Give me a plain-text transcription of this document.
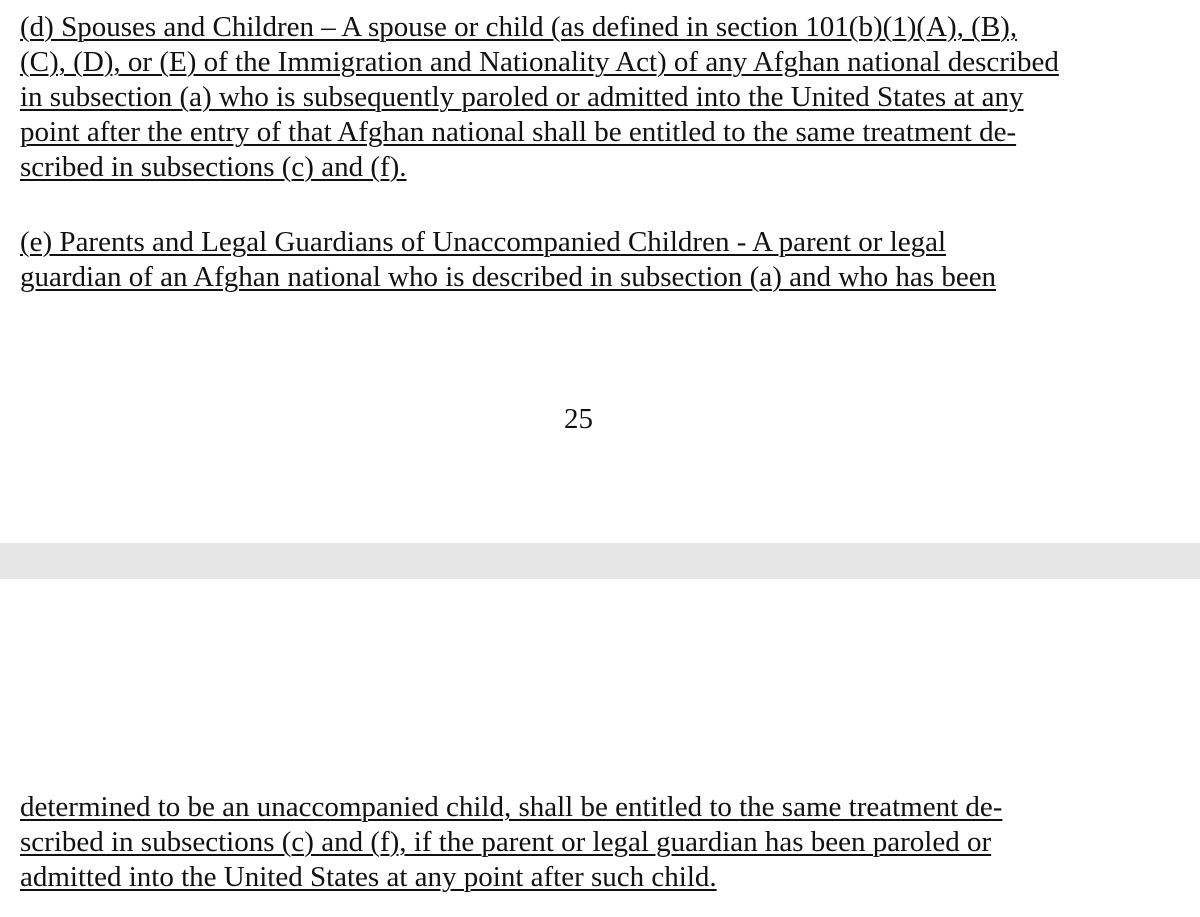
(d) Spouses and Children – A spouse or child (as defined in section 101(b)(1)(A), (B),
(C), (D), or (E) of the Immigration and Nationality Act) of any Afghan national described
in subsection (a) who is subsequently paroled or admitted into the United States at any
point after the entry of that Afghan national shall be entitled to the same treatment de-
scribed in subsections (c) and (f).
(e) Parents and Legal Guardians of Unaccompanied Children - A parent or legal
guardian of an Afghan national who is described in subsection (a) and who has been
25
determined to be an unaccompanied child, shall be entitled to the same treatment de-
scribed in subsections (c) and (f), if the parent or legal guardian has been paroled or
admitted into the United States at any point after such child.
